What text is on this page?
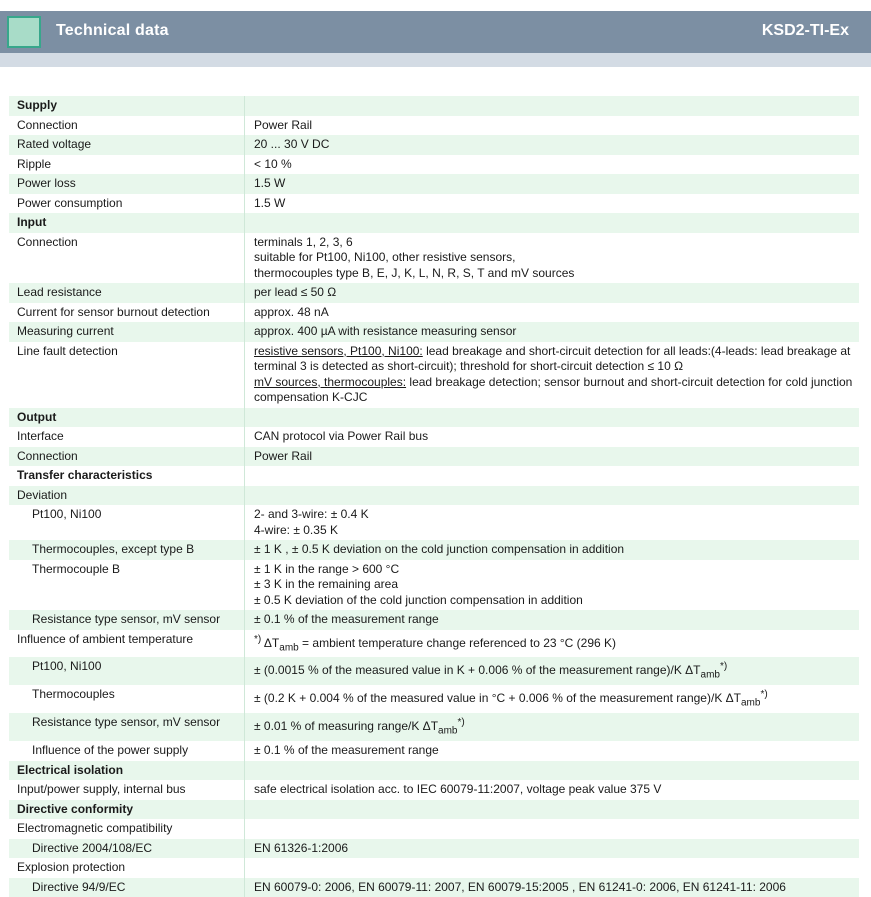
Technical data	KSD2-TI-Ex
Supply	
Connection	Power Rail
Rated voltage	20 ... 30 V DC
Ripple	< 10 %
Power loss	1.5 W
Power consumption	1.5 W
Input	
Connection	terminals 1, 2, 3, 6
suitable for Pt100, Ni100, other resistive sensors,
thermocouples type B, E, J, K, L, N, R, S, T and mV sources

Lead resistance	per lead ≤ 50 Ω
Current for sensor burnout detection	approx. 48 nA
Measuring current	approx. 400 µA with resistance measuring sensor
Line fault detection	resistive sensors, Pt100, Ni100: lead breakage and short-circuit detection for all leads:(4-leads: lead breakage at terminal 3 is detected as short-circuit); threshold for short-circuit detection ≤ 10 Ω
mV sources, thermocouples: lead breakage detection; sensor burnout and short-circuit detection for cold junction compensation K-CJC

Output	
Interface	CAN protocol via Power Rail bus
Connection	Power Rail
Transfer characteristics	
Deviation	
Pt100, Ni100	2- and 3-wire: ± 0.4 K
4-wire: ± 0.35 K

Thermocouples, except type B	± 1 K , ± 0.5 K deviation on the cold junction compensation in addition
Thermocouple B	± 1 K in the range > 600 °C
± 3 K in the remaining area
± 0.5 K deviation of the cold junction compensation in addition

Resistance type sensor, mV sensor	± 0.1 % of the measurement range
Influence of ambient temperature	*) $\Delta T_{amb}$ = ambient temperature change referenced to 23 °C (296 K)
Pt100, Ni100	± (0.0015 % of the measured value in K + 0.006 % of the measurement range)/K $\Delta T_{amb}^{*)}$
Thermocouples	± (0.2 K + 0.004 % of the measured value in °C + 0.006 % of the measurement range)/K $\Delta T_{amb}^{*)}$
Resistance type sensor, mV sensor	± 0.01 % of measuring range/K $\Delta T_{amb}^{*)}$
Influence of the power supply	± 0.1 % of the measurement range
Electrical isolation	
Input/power supply, internal bus	safe electrical isolation acc. to IEC 60079-11:2007, voltage peak value 375 V
Directive conformity	
Electromagnetic compatibility	
Directive 2004/108/EC	EN 61326-1:2006
Explosion protection	
Directive 94/9/EC	EN 60079-0: 2006, EN 60079-11: 2007, EN 60079-15:2005 , EN 61241-0: 2006, EN 61241-11: 2006
